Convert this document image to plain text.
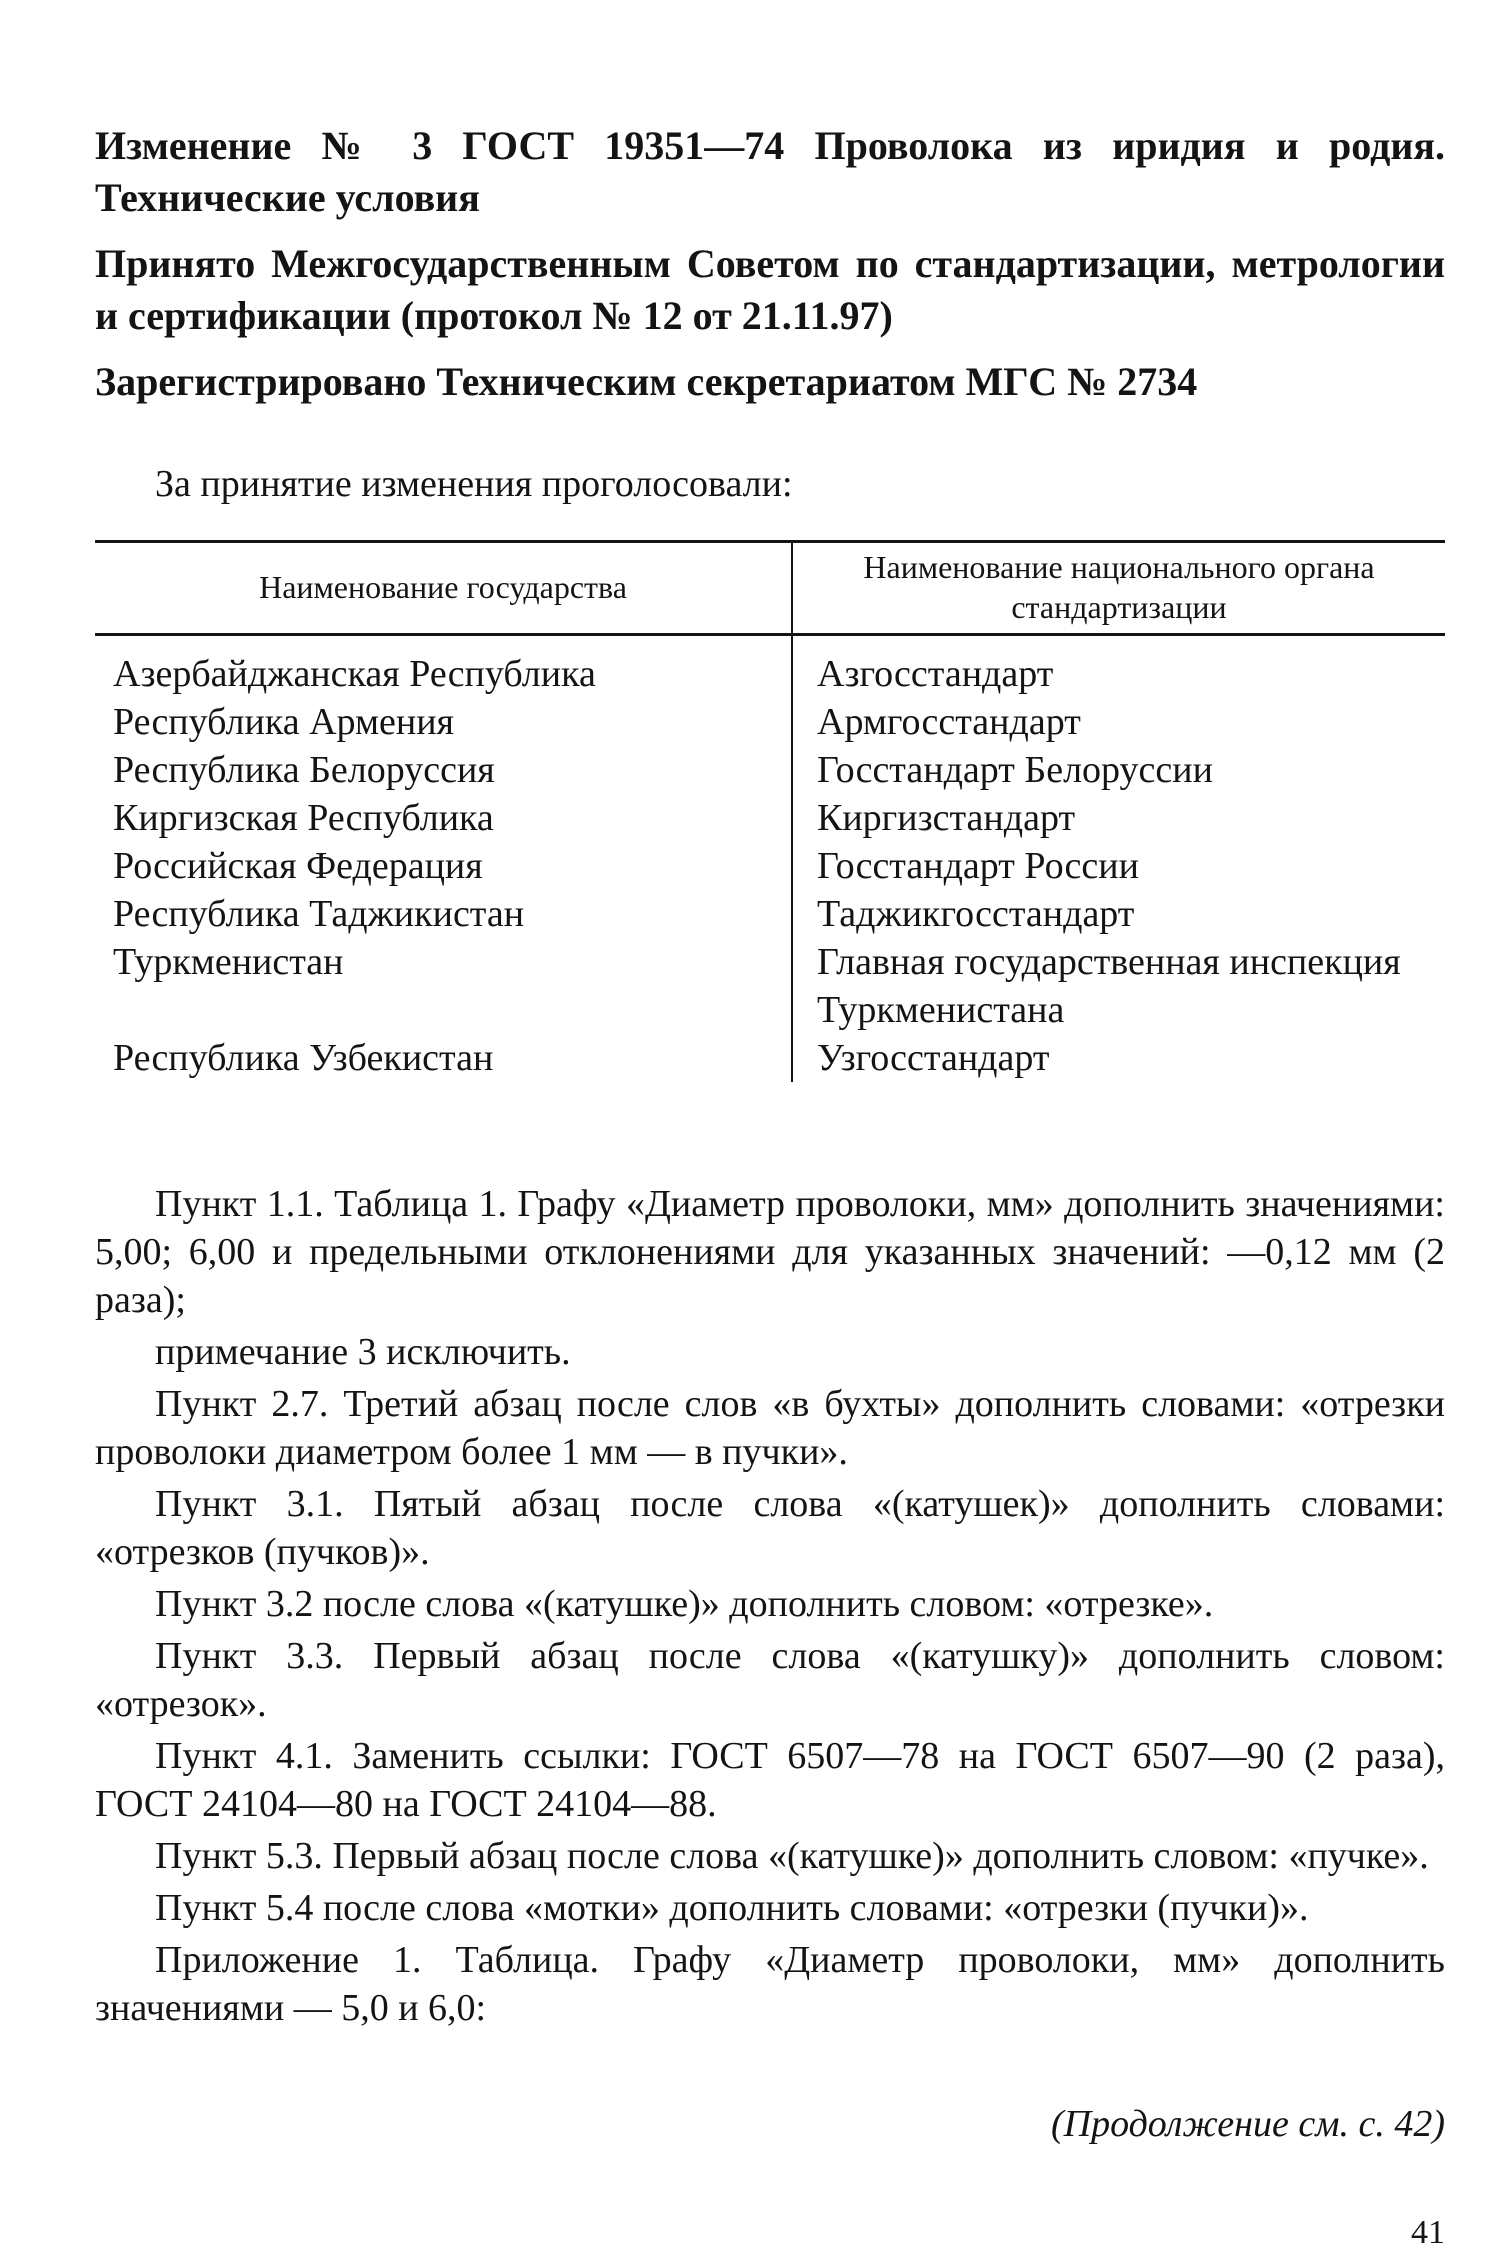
Изменение № 3 ГОСТ 19351—74 Проволока из иридия и родия. Технические условия

Принято Межгосударственным Советом по стандартизации, метрологии и сертификации (протокол № 12 от 21.11.97)

Зарегистрировано Техническим секретариатом МГС № 2734

За принятие изменения проголосовали:
Наименование государства	Наименование национального органа стандартизации
Азербайджанская Республика	Азгосстандарт
Республика Армения	Армгосстандарт
Республика Белоруссия	Госстандарт Белоруссии
Киргизская Республика	Киргизстандарт
Российская Федерация	Госстандарт России
Республика Таджикистан	Таджикгосстандарт
Туркменистан	Главная государственная инспекция Туркменистана
Республика Узбекистан	Узгосстандарт

Пункт 1.1. Таблица 1. Графу «Диаметр проволоки, мм» дополнить значениями: 5,00; 6,00 и предельными отклонениями для указанных значений: —0,12 мм (2 раза);

примечание 3 исключить.

Пункт 2.7. Третий абзац после слов «в бухты» дополнить словами: «отрезки проволоки диаметром более 1 мм — в пучки».

Пункт 3.1. Пятый абзац после слова «(катушек)» дополнить словами: «отрезков (пучков)».

Пункт 3.2 после слова «(катушке)» дополнить словом: «отрезке».

Пункт 3.3. Первый абзац после слова «(катушку)» дополнить словом: «отрезок».

Пункт 4.1. Заменить ссылки: ГОСТ 6507—78 на ГОСТ 6507—90 (2 раза), ГОСТ 24104—80 на ГОСТ 24104—88.

Пункт 5.3. Первый абзац после слова «(катушке)» дополнить словом: «пучке».

Пункт 5.4 после слова «мотки» дополнить словами: «отрезки (пучки)».

Приложение 1. Таблица. Графу «Диаметр проволоки, мм» дополнить значениями — 5,0 и 6,0:

(Продолжение см. с. 42)
41
